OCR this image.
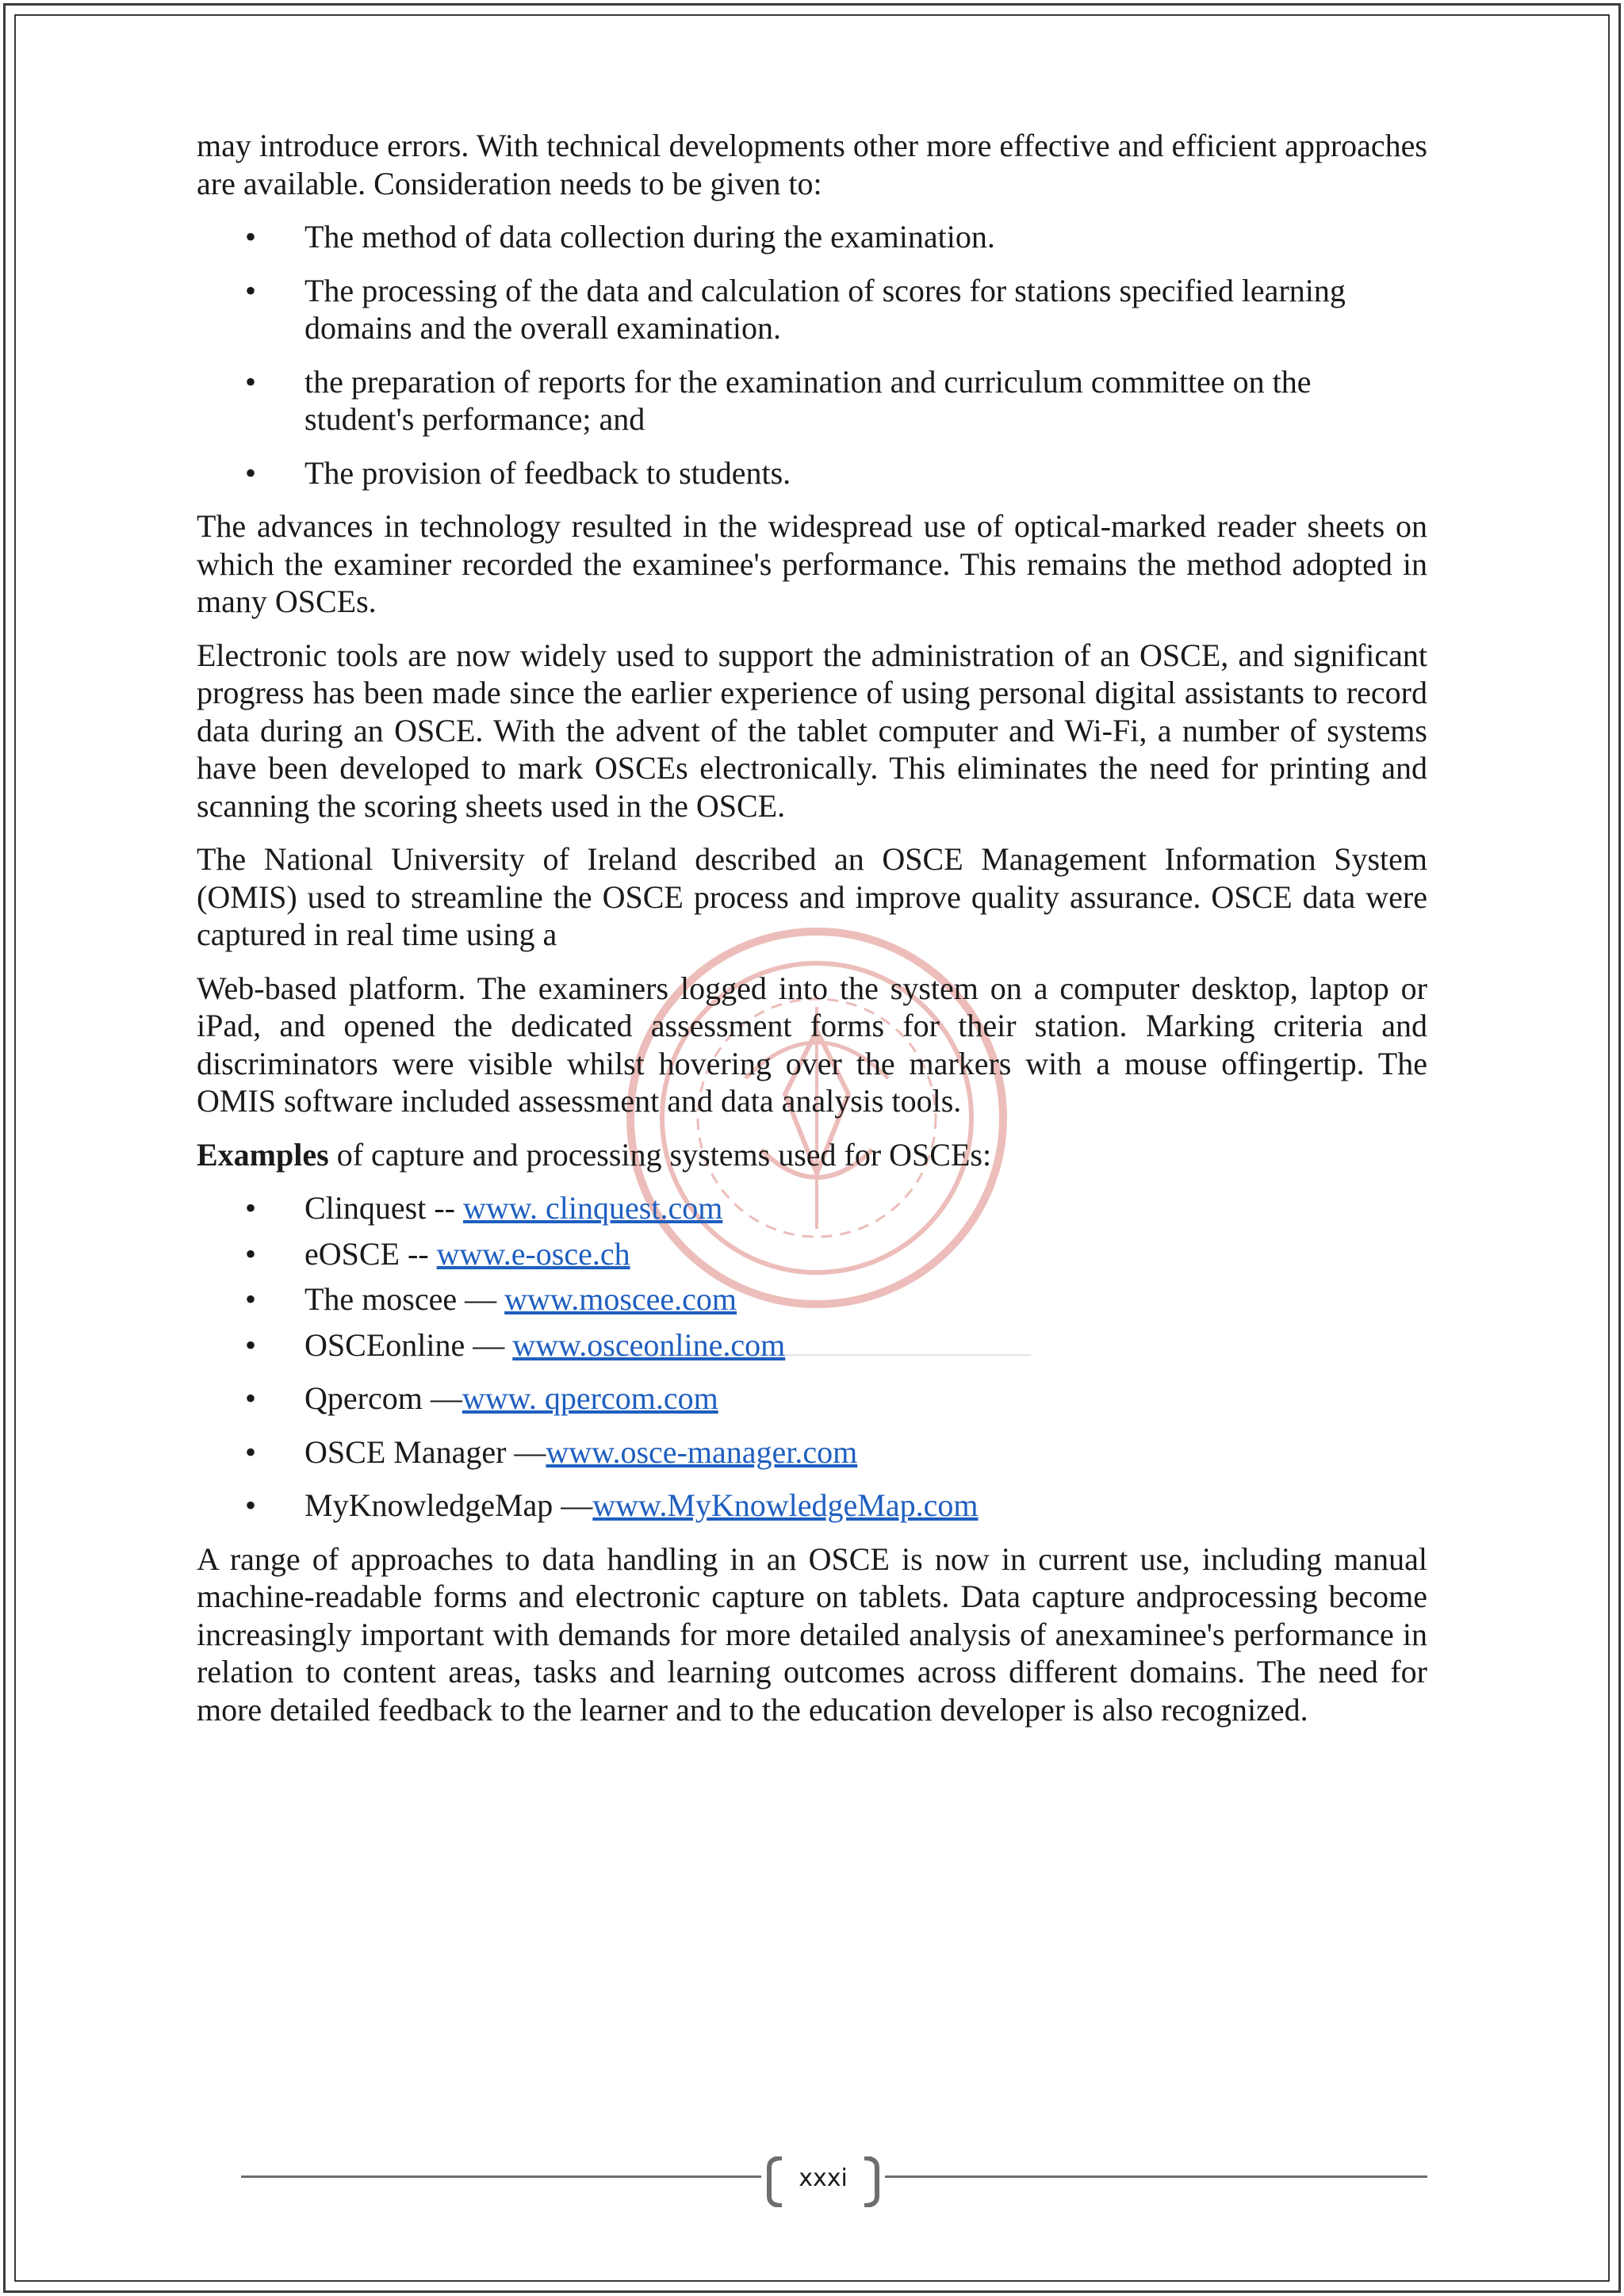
may introduce errors. With technical developments other more effective and efficient approaches are available. Consideration needs to be given to:

• The method of data collection during the examination.
• The processing of the data and calculation of scores for stations specified learning domains and the overall examination.
• the preparation of reports for the examination and curriculum committee on the student's performance; and
• The provision of feedback to students.

The advances in technology resulted in the widespread use of optical-marked reader sheets on which the examiner recorded the examinee's performance. This remains the method adopted in many OSCEs.

Electronic tools are now widely used to support the administration of an OSCE, and significant progress has been made since the earlier experience of using personal digital assistants to record data during an OSCE. With the advent of the tablet computer and Wi-Fi, a number of systems have been developed to mark OSCEs electronically. This eliminates the need for printing and scanning the scoring sheets used in the OSCE.

The National University of Ireland described an OSCE Management Information System (OMIS) used to streamline the OSCE process and improve quality assurance. OSCE data were captured in real time using a

Web-based platform. The examiners logged into the system on a computer desktop, laptop or iPad, and opened the dedicated assessment forms for their station. Marking criteria and discriminators were visible whilst hovering over the markers with a mouse offingertip. The OMIS software included assessment and data analysis tools.

Examples of capture and processing systems used for OSCEs:

• Clinquest -- www. clinquest.com
• eOSCE -- www.e-osce.ch
• The moscee — www.moscee.com
• OSCEonline — www.osceonline.com
• Qpercom —www. qpercom.com
• OSCE Manager —www.osce-manager.com
• MyKnowledgeMap —www.MyKnowledgeMap.com

A range of approaches to data handling in an OSCE is now in current use, including manual machine-readable forms and electronic capture on tablets. Data capture andprocessing become increasingly important with demands for more detailed analysis of anexaminee's performance in relation to content areas, tasks and learning outcomes across different domains. The need for more detailed feedback to the learner and to the education developer is also recognized.

xxxi
